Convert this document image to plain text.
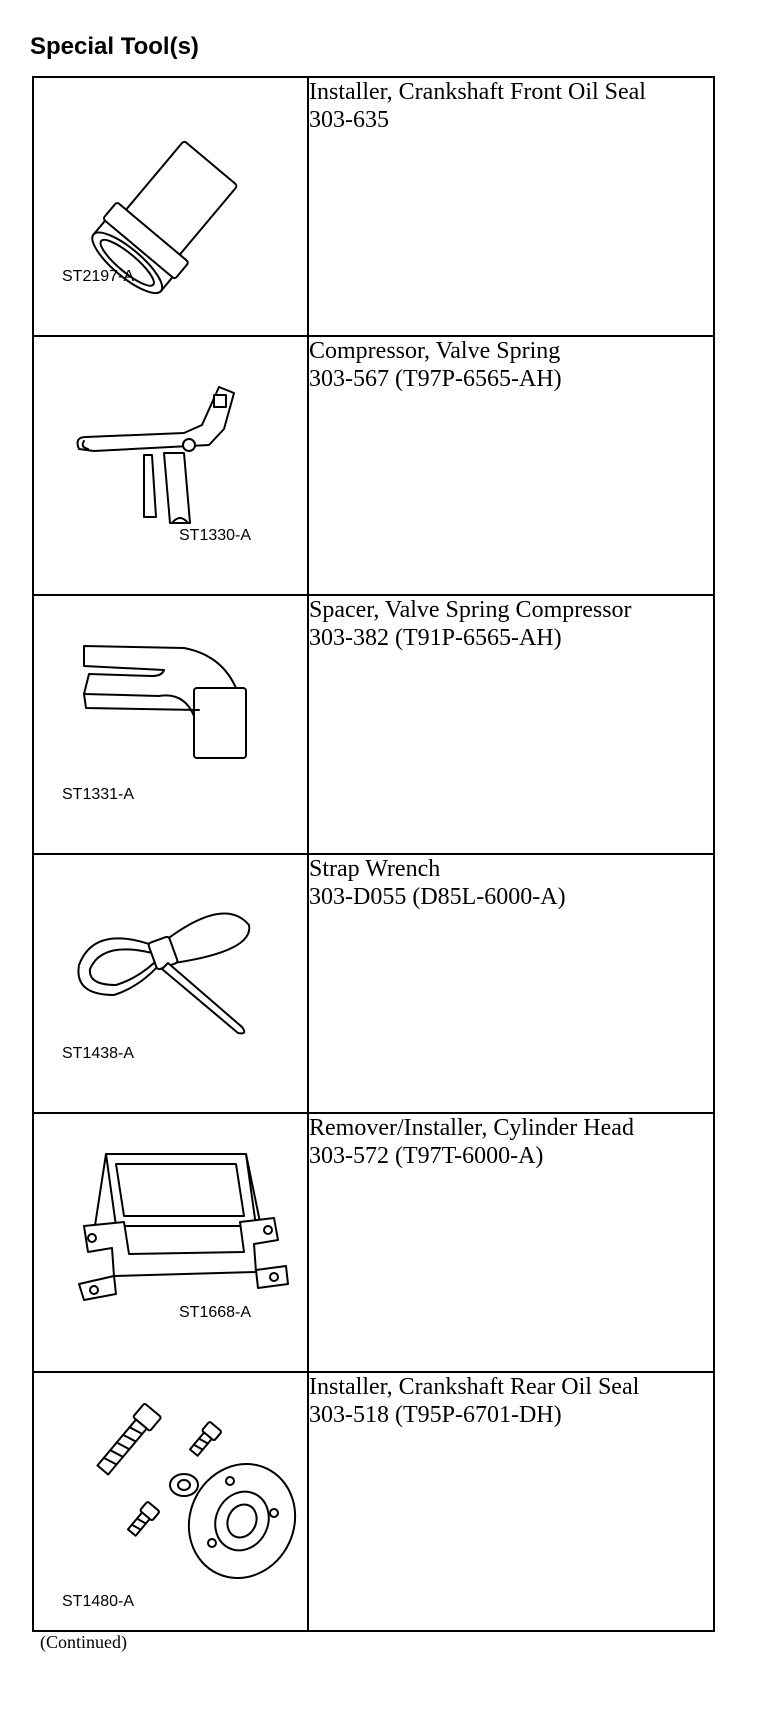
Special Tool(s)
ST2197-A	Installer, Crankshaft Front Oil Seal
303-635

ST1330-A	Compressor, Valve Spring
303-567 (T97P-6565-AH)

ST1331-A	Spacer, Valve Spring Compressor
303-382 (T91P-6565-AH)

ST1438-A	Strap Wrench
303-D055 (D85L-6000-A)

ST1668-A	Remover/Installer, Cylinder Head
303-572 (T97T-6000-A)

ST1480-A	Installer, Crankshaft Rear Oil Seal
303-518 (T95P-6701-DH)
(Continued)
